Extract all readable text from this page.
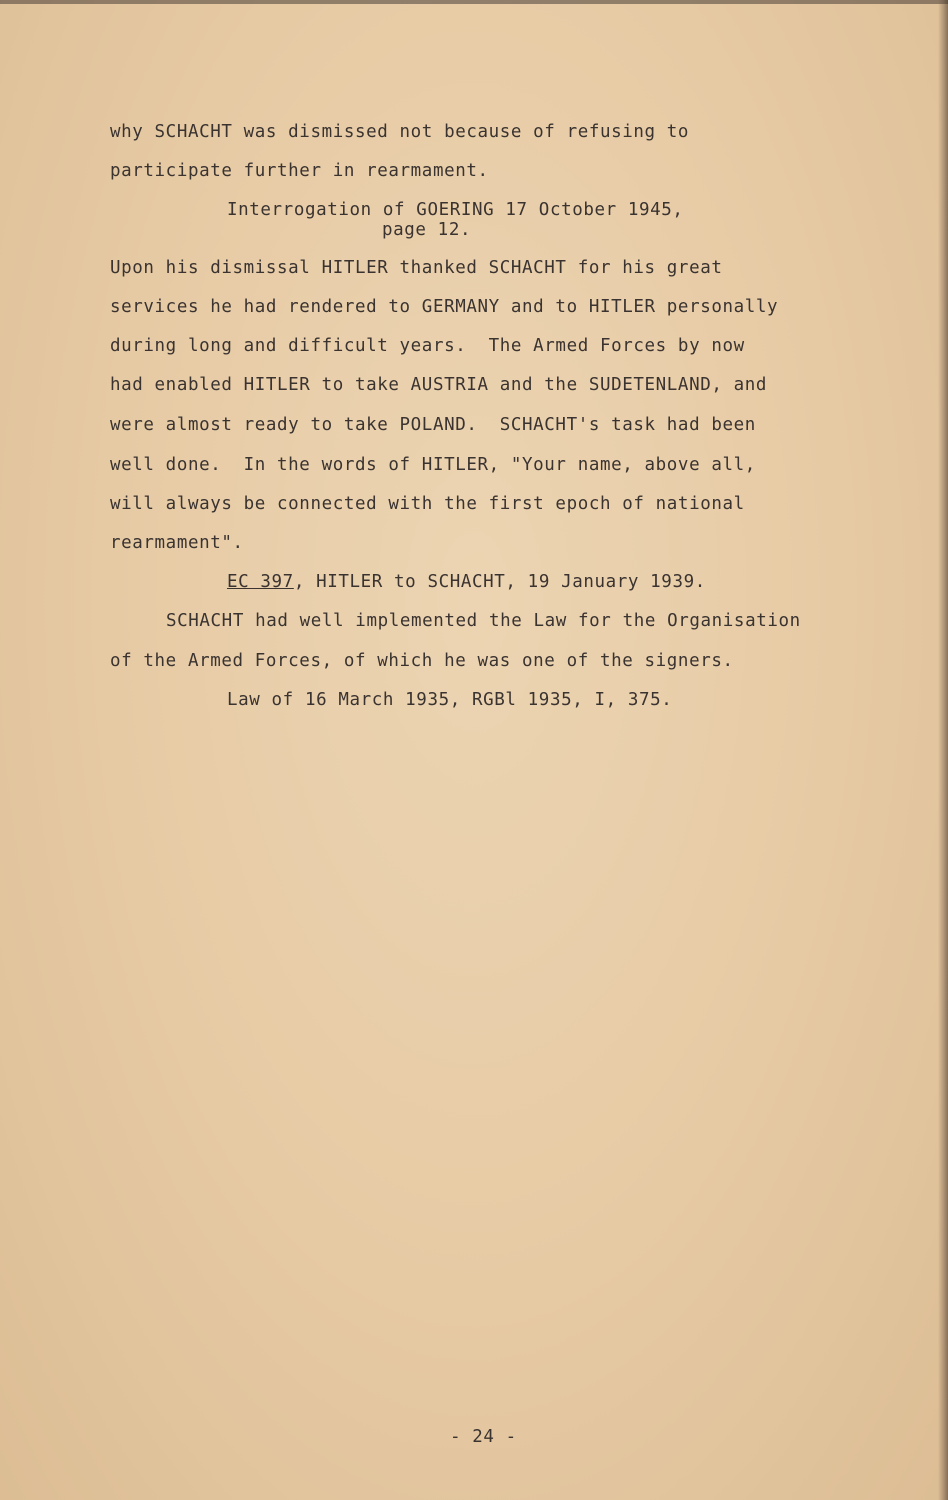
why SCHACHT was dismissed not because of refusing to
participate further in rearmament.
Interrogation of GOERING 17 October 1945,
page 12.
Upon his dismissal HITLER thanked SCHACHT for his great
services he had rendered to GERMANY and to HITLER personally
during long and difficult years.  The Armed Forces by now
had enabled HITLER to take AUSTRIA and the SUDETENLAND, and
were almost ready to take POLAND.  SCHACHT's task had been
well done.  In the words of HITLER, "Your name, above all,
will always be connected with the first epoch of national
rearmament".
EC 397, HITLER to SCHACHT, 19 January 1939.
SCHACHT had well implemented the Law for the Organisation
of the Armed Forces, of which he was one of the signers.
Law of 16 March 1935, RGBl 1935, I, 375.
- 24 -
